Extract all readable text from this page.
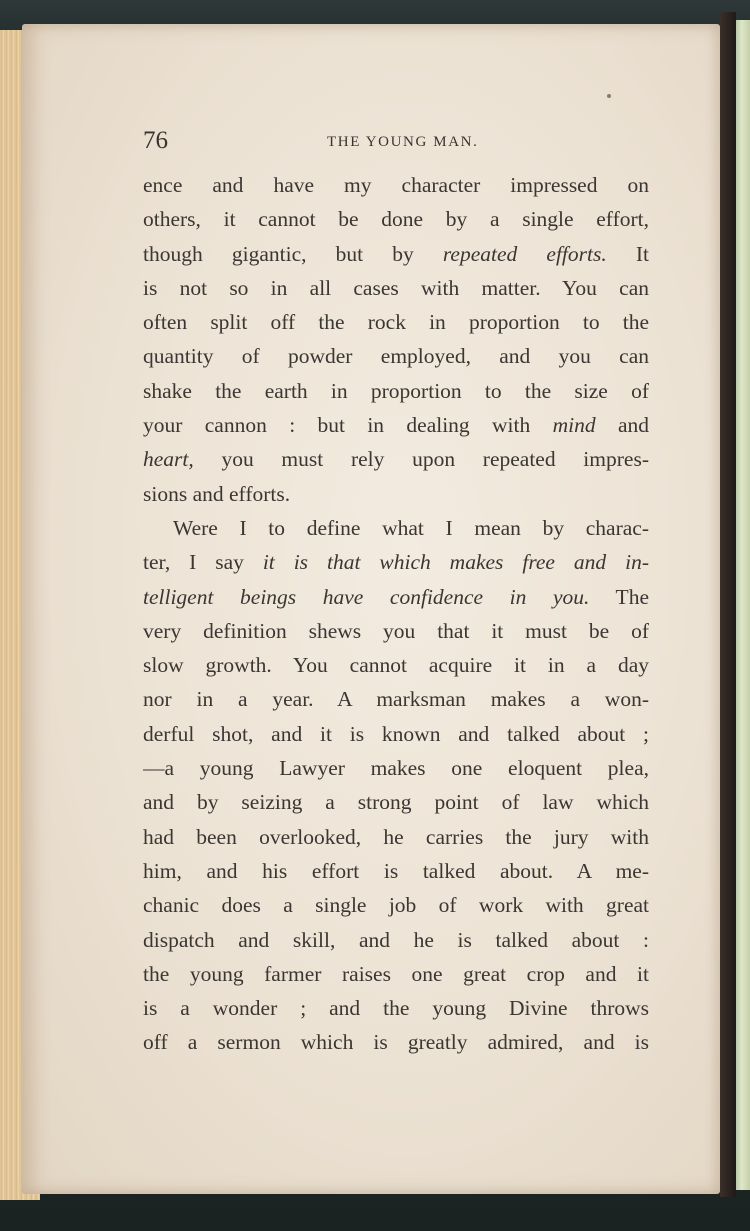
76	THE YOUNG MAN.
ence and have my character impressed on
others, it cannot be done by a single effort,
though gigantic, but by repeated efforts. It
is not so in all cases with matter. You can
often split off the rock in proportion to the
quantity of powder employed, and you can
shake the earth in proportion to the size of
your cannon : but in dealing with mind and
heart, you must rely upon repeated impres-
sions and efforts.
Were I to define what I mean by charac-
ter, I say it is that which makes free and in-
telligent beings have confidence in you. The
very definition shews you that it must be of
slow growth. You cannot acquire it in a day
nor in a year. A marksman makes a won-
derful shot, and it is known and talked about ;
—a young Lawyer makes one eloquent plea,
and by seizing a strong point of law which
had been overlooked, he carries the jury with
him, and his effort is talked about. A me-
chanic does a single job of work with great
dispatch and skill, and he is talked about :
the young farmer raises one great crop and it
is a wonder ; and the young Divine throws
off a sermon which is greatly admired, and is
